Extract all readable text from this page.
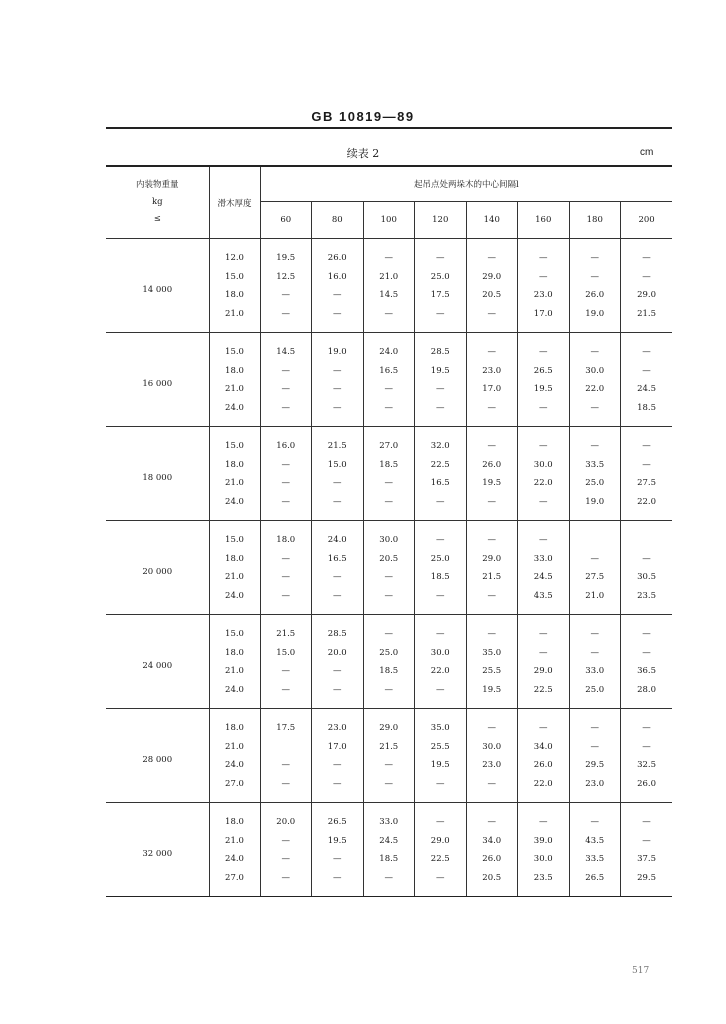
GB 10819—89
续表 2	cm
内装物重量
kg
≤	滑木厚度	起吊点处两垛木的中心间隔l							
		60	80	100	120	140	160	180	200
14 000	12.0	19.5	26.0	—	—	—	—	—	—
	15.0	12.5	16.0	21.0	25.0	29.0	—	—	—
	18.0	—	—	14.5	17.5	20.5	23.0	26.0	29.0
	21.0	—	—	—	—	—	17.0	19.0	21.5
16 000	15.0	14.5	19.0	24.0	28.5	—	—	—	—
	18.0	—	—	16.5	19.5	23.0	26.5	30.0	—
	21.0	—	—	—	—	17.0	19.5	22.0	24.5
	24.0	—	—	—	—	—	—	—	18.5
18 000	15.0	16.0	21.5	27.0	32.0	—	—	—	—
	18.0	—	15.0	18.5	22.5	26.0	30.0	33.5	—
	21.0	—	—	—	16.5	19.5	22.0	25.0	27.5
	24.0	—	—	—	—	—	—	19.0	22.0
20 000	15.0	18.0	24.0	30.0	—	—	—		
	18.0	—	16.5	20.5	25.0	29.0	33.0	—	—
	21.0	—	—	—	18.5	21.5	24.5	27.5	30.5
	24.0	—	—	—	—	—	43.5	21.0	23.5
24 000	15.0	21.5	28.5	—	—	—	—	—	—
	18.0	15.0	20.0	25.0	30.0	35.0	—	—	—
	21.0	—	—	18.5	22.0	25.5	29.0	33.0	36.5
	24.0	—	—	—	—	19.5	22.5	25.0	28.0
28 000	18.0	17.5	23.0	29.0	35.0	—	—	—	—
	21.0		17.0	21.5	25.5	30.0	34.0	—	—
	24.0	—	—	—	19.5	23.0	26.0	29.5	32.5
	27.0	—	—	—	—	—	22.0	23.0	26.0
32 000	18.0	20.0	26.5	33.0	—	—	—	—	—
	21.0	—	19.5	24.5	29.0	34.0	39.0	43.5	—
	24.0	—	—	18.5	22.5	26.0	30.0	33.5	37.5
	27.0	—	—	—	—	20.5	23.5	26.5	29.5
517
